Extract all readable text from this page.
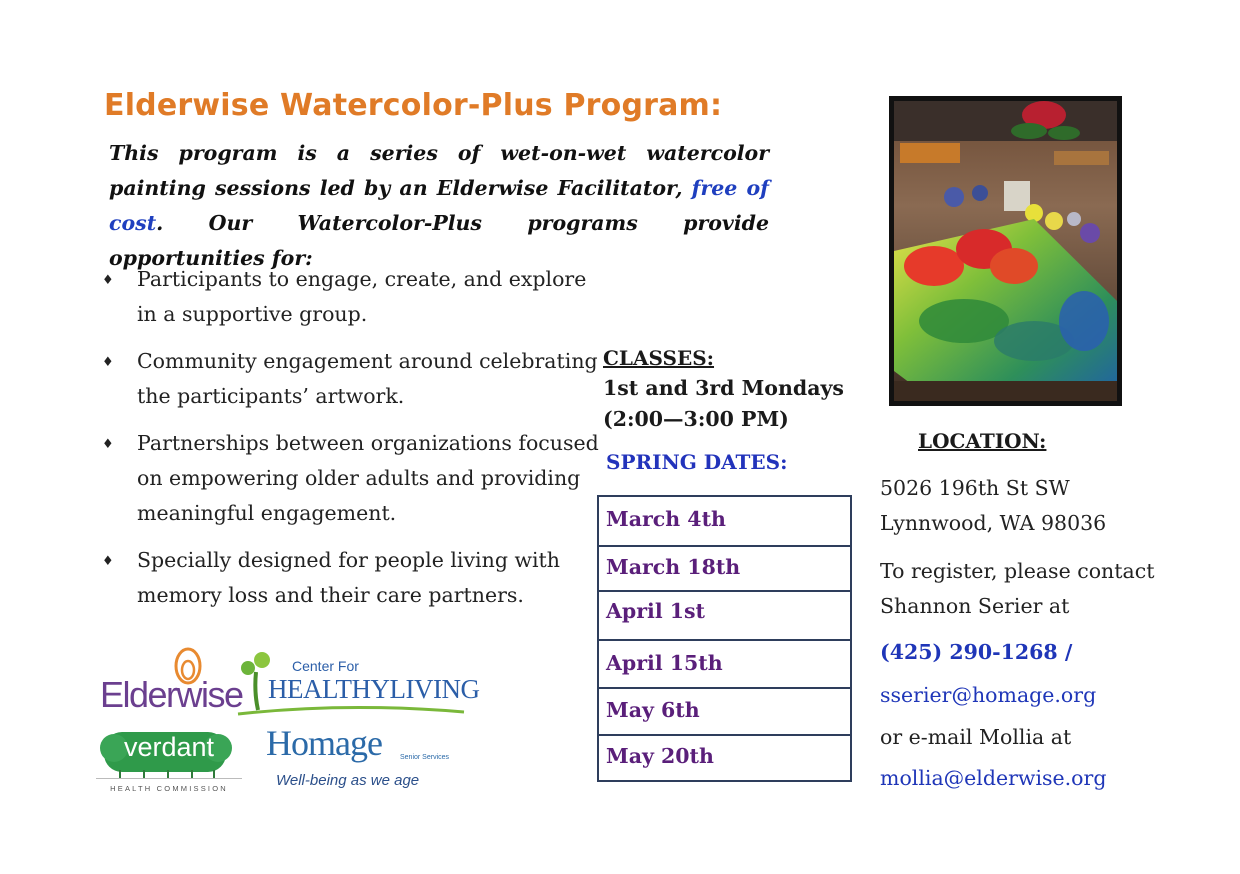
Elderwise Watercolor-Plus Program:
This program is a series of wet-on-wet watercolor painting sessions led by an Elderwise Facilitator, free of cost. Our Watercolor-Plus programs provide opportunities for:
♦ Participants to engage, create, and explore in a supportive group.
♦ Community engagement around celebrating the participants’ artwork.
♦ Partnerships between organizations focused on empowering older adults and providing meaningful engagement.
♦ Specially designed for people living with memory loss and their care partners.
CLASSES:
1st and 3rd Mondays
(2:00—3:00 PM)
SPRING DATES:
March 4th
March 18th
April 1st
April 15th
May 6th
May 20th
LOCATION:
5026 196th St SW
Lynnwood, WA 98036
To register, please contact
Shannon Serier at
(425) 290-1268 /
sserier@homage.org
or e-mail Mollia at
mollia@elderwise.org
Elderwise
Center For
HEALTHYLIVING
verdant
HEALTH COMMISSION
Homage	Senior Services
Well-being as we age
